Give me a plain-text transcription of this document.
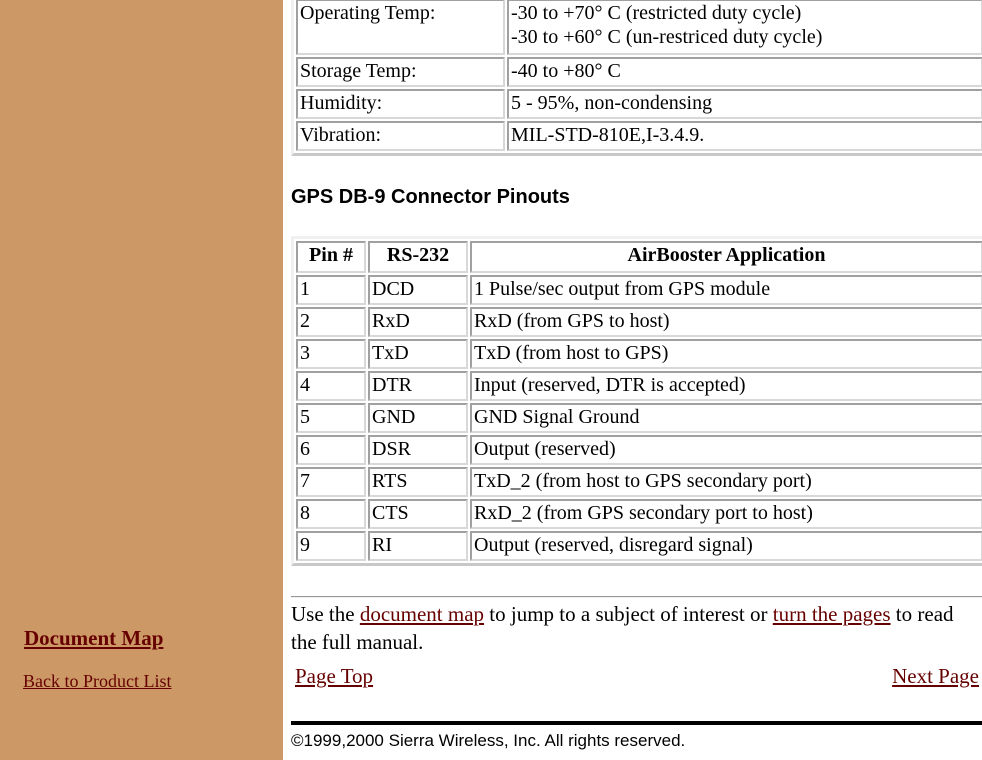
Document Map
Back to Product List
Operating Temp:	-30 to +70° C (restricted duty cycle)
-30 to +60° C (un-restriced duty cycle)

Storage Temp:	-40 to +80° C

Humidity:	5 - 95%, non-condensing

Vibration:	MIL-STD-810E,I-3.4.9.
GPS DB-9 Connector Pinouts
Pin #	RS-232	AirBooster Application
1	DCD	1 Pulse/sec output from GPS module
2	RxD	RxD (from GPS to host)
3	TxD	TxD (from host to GPS)
4	DTR	Input (reserved, DTR is accepted)
5	GND	GND Signal Ground
6	DSR	Output (reserved)
7	RTS	TxD_2 (from host to GPS secondary port)
8	CTS	RxD_2 (from GPS secondary port to host)
9	RI	Output (reserved, disregard signal)

Use the document map to jump to a subject of interest or turn the pages to read the full manual.

Page Top	Next Page

©1999,2000 Sierra Wireless, Inc. All rights reserved.
